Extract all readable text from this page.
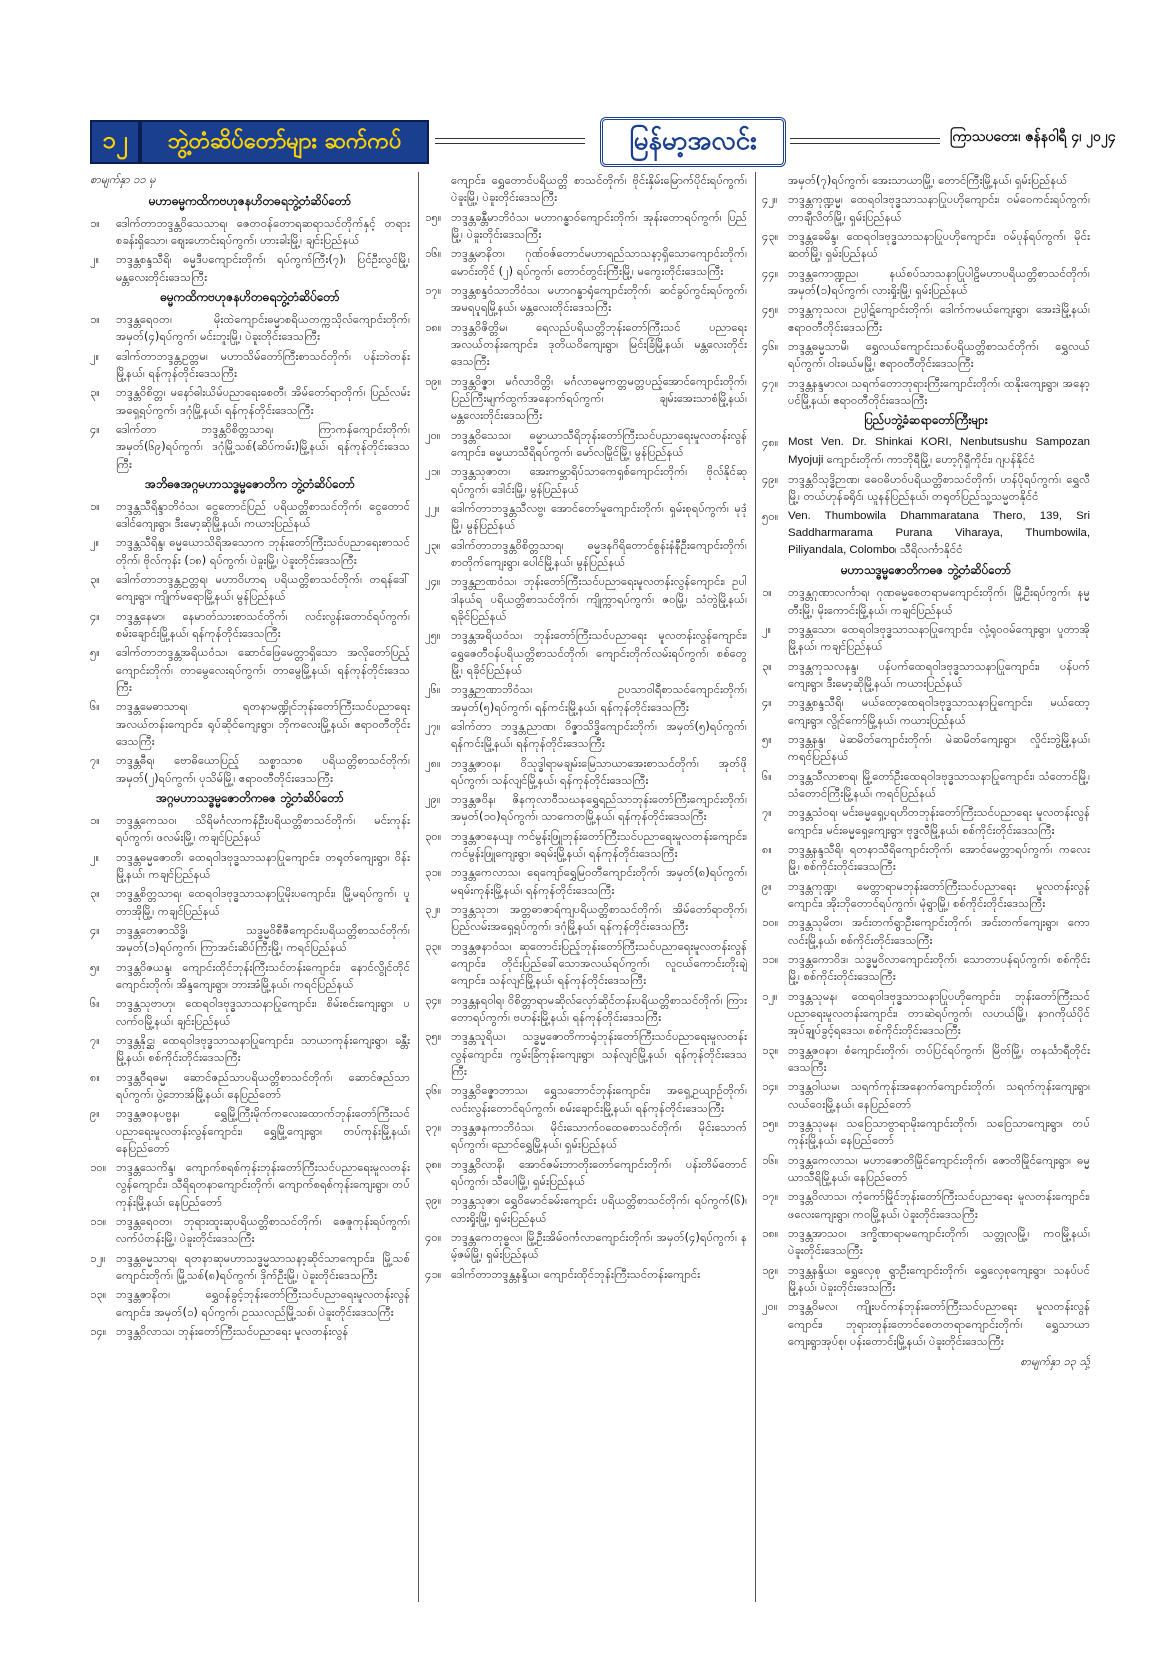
၁၂	ဘွဲ့တံဆိပ်တော်များ ဆက်ကပ်	မြန်မာ့အလင်း	ကြာသပတေး၊ ဇန်နဝါရီ ၄၊ ၂၀၂၄
စာမျက်နှာ ၁၁ မှ
မဟာဓမ္မကထိကဗဟုဇနဟိတဓရဘွဲ့တံဆိပ်တော်
၁။	ဒေါက်တာဘဒ္ဒန္တဝိသေသာရ၊ ဇေတဝန်တောရဆရာသင်တိုက်နှင့် တရားစခန်းရှိသော၊ ဈေးဟောင်းရပ်ကွက်၊ ဟားခါးမြို့၊ ချင်းပြည်နယ်
၂။	ဘဒ္ဒန္တစန္ဒသီရိ၊ ဓမ္မဒီပကျောင်းတိုက်၊ ရပ်ကွက်ကြီး(၇)၊ ပြင်ဦးလွင်မြို့၊ မန္တလေးတိုင်းဒေသကြီး
ဓမ္မကထိကဗဟုဇနဟိတဓရဘွဲ့တံဆိပ်တော်
၁။	ဘဒ္ဒန္တရေဝတ၊ မိုးထဲကျောင်းဓမ္မာစရိယတက္ကသိုလ်ကျောင်းတိုက်၊ အမှတ်(၄)ရပ်ကွက်၊ မင်းဘူးမြို့၊ ပဲခူးတိုင်းဒေသကြီး
၂။	ဒေါက်တာဘဒ္ဒန္တဥတ္တမ၊ မဟာသိမ်တော်ကြီးစာသင်တိုက်၊ ပန်းဘဲတန်းမြို့နယ်၊ ရန်ကုန်တိုင်းဒေသကြီး
၃။	ဘဒ္ဒန္တဝိစိတ္တ၊ မနော်ဓါးယိမ်ပညာရေးစေတီ၊ အိမ်တော်ရာတိုက်၊ ပြည်လမ်းအရှေ့ရပ်ကွက်၊ ဒဂုံမြို့နယ်၊ ရန်ကုန်တိုင်းဒေသကြီး
၄။	ဒေါက်တာ ဘဒ္ဒန္တဝိစိတ္တသာရ၊ ကြာကန်ကျောင်းတိုက်၊ အမှတ်(၆၉)ရပ်ကွက်၊ ဒဂုံမြို့သစ်(ဆိပ်ကမ်း)မြို့နယ်၊ ရန်ကုန်တိုင်းဒေသကြီး
အဘိဓဇအဂ္ဂမဟာသဒ္ဓမ္မဇောတိက ဘွဲ့တံဆိပ်တော်
၁။	ဘဒ္ဒန္တသီရိန္ဒာဘိဝံသ၊ ငွေတောင်ပြည် ပရိယတ္တိစာသင်တိုက်၊ ငွေတောင်ဒေါင်ကျေးရွာ၊ ဒီးမော့ဆိုမြို့နယ်၊ ကယားပြည်နယ်
၂။	ဘဒ္ဒန္တသီရိန္ဒ၊ ဓမ္မယောသိရိအသောက ဘုန်းတော်ကြီးသင်ပညာရေးစာသင်တိုက်၊ ဗိုလ်ကုန်း (၁၈) ရပ်ကွက်၊ ပဲခူးမြို့၊ ပဲခူးတိုင်းဒေသကြီး
၃။	ဒေါက်တာဘဒ္ဒန္တဥတ္တရ၊ မဟာဝိဟာရ ပရိယတ္တိစာသင်တိုက်၊ တရန်ဒေါ်ကျေးရွာ၊ ကျိုက်မရောမြို့နယ်၊ မွန်ပြည်နယ်
၄။	ဘဒ္ဒန္တနေမာ၊ နေမာတ်သားစာသင်တိုက်၊ လင်းလွန်းတောင်ရပ်ကွက်၊ စမ်းချောင်းမြို့နယ်၊ ရန်ကုန်တိုင်းဒေသကြီး
၅။	ဒေါက်တာဘဒ္ဒန္တအရိယဝံသ၊ ဆောင်ဖြေမေတ္တာရှိသော အလိုတော်ပြည့်ကျောင်းတိုက်၊ တာမွေလေးရပ်ကွက်၊ တာမွေမြို့နယ်၊ ရန်ကုန်တိုင်းဒေသကြီး
၆။	ဘဒ္ဒန္တမေဓာသာရ၊ ရတနာမဏ္ဍိုင်ဘုန်းတော်ကြီးသင်ပညာရေးအလယ်တန်းကျောင်း၊ ရုပ်ဆိုင်ကျေးရွာ၊ ဘိုကလေးမြို့နယ်၊ ဧရာဝတီတိုင်းဒေသကြီး
၇။	ဘဒ္ဒန္တဓီရ၊ ဗောဓိယောပြည့် သစ္စာသာစ ပရိယတ္တိစာသင်တိုက်၊ အမှတ်(၂)ရပ်ကွက်၊ ပုသိမ်မြို့၊ ဧရာဝတီတိုင်းဒေသကြီး
အဂ္ဂမဟာသဒ္ဓမ္မဇောတိကဓဇ ဘွဲ့တံဆိပ်တော်
၁။	ဘဒ္ဒန္တကေသဝ၊ သိရိမင်္ဂလာကန်ဦးပရိယတ္တိစာသင်တိုက်၊ မင်းကုန်းရပ်ကွက်၊ ဖလမ်းမြို့၊ ကချင်ပြည်နယ်
၂။	ဘဒ္ဒန္တဓမ္မဇောတိ၊ ထေရဝါဒဗုဒ္ဓသာသနာပြုကျောင်း၊ တရုတ်ကျေးရွာ၊ ဝိန်းမြို့နယ်၊ ကချင်ပြည်နယ်
၃။	ဘဒ္ဒန္တစိတ္တသာရ၊ ထေရဝါဒဗုဒ္ဓသာသနာပြုမိုးပကျောင်း၊ မြို့မရပ်ကွက်၊ ပူတာအိုမြို့၊ ကချင်ပြည်နယ်
၄။	ဘဒ္ဒန္တတေဇာသိဒ္ဓိ၊ သဒ္ဓမ္မဝိစီဇီကျောင်းပရိယတ္တိစာသင်တိုက်၊ အမှတ်(၁)ရပ်ကွက်၊ ကြာအင်းဆိပ်ကြီးမြို့၊ ကရင်ပြည်နယ်
၅။	ဘဒ္ဒန္တဝိဇယန္ဒ၊ ကျောင်းထိုင်ဘုန်းကြီးသင်တန်းကျောင်း၊ နောင်လွိုင်တိုင်ကျောင်းတိုက်၊ အိန္ဒကျေးရွာ၊ ဘားအံမြို့နယ်၊ ကရင်ပြည်နယ်
၆။	ဘဒ္ဒန္တသုဗာဟု၊ ထေရဝါဒဗုဒ္ဓသာသနာပြုကျောင်း၊ စိမ်းစင်းကျေးရွာ၊ ပလက်ဝမြို့နယ်၊ ချင်းပြည်နယ်
၇။	ဘဒ္ဒန္တနိုင္ဆ၊ ထေရဝါဒဗုဒ္ဓသာသနာပြုကျောင်း၊ သာယာကုန်းကျေးရွာ၊ ခန္တီးမြို့နယ်၊ စစ်ကိုင်းတိုင်းဒေသကြီး
၈။	ဘဒ္ဒန္တဝီရဓမ္မ၊ ဆောင်ဇည်သာပရိယတ္တိစာသင်တိုက်၊ ဆောင်ဇည်သာရပ်ကွက်၊ ပွဲ့ဘောအ်မြို့နယ်၊ နေပြည်တော်
၉။	ဘဒ္ဒန္တဇဝနပဗ္ဗန၊ ရွှေမြို့ကြီးမိုက်ကလေးထောက်ဘုန်းတော်ကြီးသင်ပညာရေးမူလတန်းလွန်ကျောင်း၊ ရွှေမြို့ကျေးရွာ၊ တပ်ကုန်းမြို့နယ်၊ နေပြည်တော်
၁၀။ ဘဒ္ဒန္တသေကိန္ဒ၊ ကျောက်စရစ်ကုန်းဘုန်းတော်ကြီးသင်ပညာရေးမူလတန်းလွန်ကျောင်း၊ သီရိရတနာကျောင်းတိုက်၊ ကျောက်စရစ်ကုန်းကျေးရွာ၊ တပ်ကုန်းမြို့နယ်၊ နေပြည်တော်
၁၁။ ဘဒ္ဒန္တရေဝတ၊ ဘုရားထူးဆုပရိယတ္တိစာသင်တိုက်၊ ဇေဇူကုန်းရပ်ကွက်၊ လက်ပံတန်းမြို့၊ ပဲခူးတိုင်းဒေသကြီး
၁၂။ ဘဒ္ဒန္တဓမ္မသာရ၊ ရတနာဆုမဟာသဒ္ဓမ္မသာသနာ့ဆိုင်သာကျောင်း၊ မြို့သစ်ကျောင်းတိုက်၊ မြို့သစ်(၈)ရပ်ကွက်၊ ဒိုက်ဦးမြို့၊ ပဲခူးတိုင်းဒေသကြီး
၁၃။ ဘဒ္ဒန္တဇာနိတ၊ ရွှေဝန်ခွင့်ဘုန်းတော်ကြီးသင်ပညာရေးမူလတန်းလွန်ကျောင်း၊ အမှတ်(၁) ရပ်ကွက်၊ ဥဿလည်မြို့သစ်၊ ပဲခူးတိုင်းဒေသကြီး
၁၄။ ဘဒ္ဒန္တဝိလာသ၊ ဘုန်းတော်ကြီးသင်ပညာရေး မူလတန်းလွန်
ကျောင်း၊ ရွှေတောင်ပရိယတ္တိ စာသင်တိုက်၊ ဗိုင်းနှိမ်းမြောက်ပိုင်းရပ်ကွက်၊ ပဲခူးမြို့၊ ပဲခူးတိုင်းဒေသကြီး
၁၅။ ဘဒ္ဒန္တခန္တီမာဘိဝံသ၊ မဟာဂန္ဓာဝ်ကျောင်းတိုက်၊ အုန်းတောရပ်ကွက်၊ ပြည်မြို့၊ ပဲခူးတိုင်းဒေသကြီး
၁၆။ ဘဒ္ဒန္တမာနိတ၊ ဂုဏ်ဝဇ်တောင်မဟာရည်သာသနာ့ရှိသောကျောင်းတိုက်၊ မောင်းတိုင် (၂) ရပ်ကွက်၊ တောင်တွင်းကြီးမြို့၊ မကွေးတိုင်းဒေသကြီး
၁၇။ ဘဒ္ဒန္တစန္ဒဝံသာဘိဝံသ၊ မဟာဂန္ဓာရုံကျောင်းတိုက်၊ ဆင်ခွပ်ကွင်းရပ်ကွက်၊ အမရပူရမြို့နယ်၊ မန္တလေးတိုင်းဒေသကြီး
၁၈။ ဘဒ္ဒန္တဝိဇိတ္တိမ၊ ရေလည်ပရိယတ္တိဘုန်းတော်ကြီးသင် ပညာရေးအလယ်တန်းကျောင်း၊ ဒုတိယဝိကျေးရွာ၊ မြင်းခြံမြို့နယ်၊ မန္တလေးတိုင်းဒေသကြီး
၁၉။ ဘဒ္ဒန္တဝိဇ္ဇာ၊ မင်္ဂလာဝိတ္တိ၊ မင်္ဂလာဓမ္မကတ္တမတ္တပည့်အောင်ကျောင်းတိုက်၊ ပြည်ကြီးမျက်ထွက်အနောက်ရပ်ကွက်၊ ချမ်းအေးသာစံမြို့နယ်၊ မန္တလေးတိုင်းဒေသကြီး
၂၀။ ဘဒ္ဒန္တဝိသေသ၊ ဓမ္မာယာသီရိဘုန်းတော်ကြီးသင်ပညာရေးမူလတန်းလွန်ကျောင်း၊ ဓမ္မယာသီရိရပ်ကွက်၊ မော်လမြိုင်မြို့၊ မွန်ပြည်နယ်
၂၁။ ဘဒ္ဒန္တသုဇာတ၊ အေးကမ္ဘာရိပ်သာကေရှစ်ကျောင်းတိုက်၊ ဗိုလ်နိုင်ဆုရပ်ကွက်၊ ဒေါင်းမြို့၊ မွန်ပြည်နယ်
၂၂။ ဒေါက်တာဘဒ္ဒန္တသီလဗ္ဗ၊ အောင်တော်မူကျောင်းတိုက်၊ ရှမ်းစုရပ်ကွက်၊ မုဒုံမြို့၊ မွန်ပြည်နယ်
၂၃။ ဒေါက်တာဘဒ္ဒန္တဝိစိတ္တသာရ၊ ဓမ္မဒနဂိရိတောင်စွန်းနံနီဦးကျောင်းတိုက်၊ စာတိုက်ကျေးရွာ၊ ပေါင်မြို့နယ်၊ မွန်ပြည်နယ်
၂၄။ ဘဒ္ဒန္တဉာဏဝံသ၊ ဘုန်းတော်ကြီးသင်ပညာရေးမူလတန်းလွန်ကျောင်း၊ ဥပါဒါနယ်ရ ပရိယတ္တိစာသင်တိုက်၊ ကျိုက္ကာရပ်ကွက်၊ ဇဝမြို့၊ သံတွဲမြို့နယ်၊ ရခိုင်ပြည်နယ်
၂၅။ ဘဒ္ဒန္တအရိယဝံသ၊ ဘုန်းတော်ကြီးသင်ပညာရေး မူလတန်းလွန်ကျောင်း၊ ရွှေဇေတီဝန်ပရိယတ္တိစာသင်တိုက်၊ ကျောင်းတိုက်လမ်းရပ်ကွက်၊ စစ်တွေမြို့၊ ရခိုင်ပြည်နယ်
၂၆။ ဘဒ္ဒန္တဉာဏာဘိဝံသ၊ ဥပသာဝါရီစာသင်ကျောင်းတိုက်၊ အမှတ်(၅)ရပ်ကွက်၊ ရန်ကင်းမြို့နယ်၊ ရန်ကုန်တိုင်းဒေသကြီး
၂၇။ ဒေါက်တာ ဘဒ္ဒန္တညာဏ၊ ဝိဇ္ဇာသိဒ္ဓိကျောင်းတိုက်၊ အမှတ်(၅)ရပ်ကွက်၊ ရန်ကင်းမြို့နယ်၊ ရန်ကုန်တိုင်းဒေသကြီး
၂၈။ ဘဒ္ဒန္တဇာဝန၊ ဝိသုဒ္ဓါရာမချမ်းမြေသာယာအေးစာသင်တိုက်၊ အုတ်ဖိုရပ်ကွက်၊ သန်လျင်မြို့နယ်၊ ရန်ကုန်တိုင်းဒေသကြီး
၂၉။ ဘဒ္ဒန္တဇဝိန၊ ဇိနကုလာဝီသဃနရွှေရည်သာဘုန်းတော်ကြီးကျောင်းတိုက်၊ အမှတ်(၁၀)ရပ်ကွက်၊ သာကေတမြို့နယ်၊ ရန်ကုန်တိုင်းဒေသကြီး
၃၀။ ဘဒ္ဒန္တဇာနေယျ၊ ကင်မွန်းဖြူဘုန်းတော်ကြီးသင်ပညာရေးမူလတန်းကျောင်း၊ ကင်မွန်းဖြူကျေးရွာ၊ ခရမ်းမြို့နယ်၊ ရန်ကုန်တိုင်းဒေသကြီး
၃၁။ ဘဒ္ဒန္တကေလာသ၊ ရေကျော်ရွှေမြဝတီကျောင်းတိုက်၊ အမှတ်(၈)ရပ်ကွက်၊ မရမ်းကုန်းမြို့နယ်၊ ရန်ကုန်တိုင်းဒေသကြီး
၃၂။ ဘဒ္ဒန္တသုဘ၊ အတ္တဓာဇာရ်ကျပရိယတ္တိစာသင်တိုက်၊ အိမ်တော်ရာတိုက်၊ ပြည်လမ်းအရှေ့ရပ်ကွက်၊ ဒဂုံမြို့နယ်၊ ရန်ကုန်တိုင်းဒေသကြီး
၃၃။ ဘဒ္ဒန္တဇနာဝံသ၊ ဆုတောင်းပြည့်ဘုန်းတော်ကြီးသင်ပညာရေးမူလတန်းလွန်ကျောင်း၊ တိုင်းပြည်ခေါ်သောအလယ်ရပ်ကွက်၊ လူငယ်ကောင်းတိုးချဲ့ကျောင်း၊ သန်လျင်မြို့နယ်၊ ရန်ကုန်တိုင်းဒေသကြီး
၃၄။ ဘဒ္ဒန္တနရဝါရ၊ ဝိစိတ္တာရာမဆိုလ်လှော်ဆိုင်တန်းပရိယတ္တိစာသင်တိုက်၊ ကြားတောရပ်ကွက်၊ ဗဟန်းမြို့နယ်၊ ရန်ကုန်တိုင်းဒေသကြီး
၃၅။ ဘဒ္ဒန္တသူရိယ၊ သဒ္ဓမ္မဇောတိကာရုံဘုန်းတော်ကြီးသင်ပညာရေးမူလတန်းလွန်ကျောင်း၊ ကွမ်းခြံကုန်းကျေးရွာ၊ သန်လျင်မြို့နယ်၊ ရန်ကုန်တိုင်းဒေသကြီး
၃၆။ ဘဒ္ဒန္တဝိဇ္ဇောဘာသ၊ ရွှေသဘောင်ဘုန်းကျောင်း၊ အရှေ့ဥယျာဉ်တိုက်၊ လင်းလွန်းတောင်ရပ်ကွက်၊ စမ်းချောင်းမြို့နယ်၊ ရန်ကုန်တိုင်းဒေသကြီး
၃၇။ ဘဒ္ဒန္တဇနကာဘိဝံသ၊ မိုင်းသောက်ဝထေဓစာသင်တိုက်၊ မိုင်းသောက်ရပ်ကွက်၊ ညောင်ရွှေမြို့နယ်၊ ရှမ်းပြည်နယ်
၃၈။ ဘဒ္ဒန္တဝိလာနိ၊ အောင်ဇမ်းဘာတိုးတော်ကျောင်းတိုက်၊ ပန်းတိမ်တောင်ရပ်ကွက်၊ သီပေါမြို့၊ ရှမ်းပြည်နယ်
၃၉။ ဘဒ္ဒန္တသုဇာ၊ ရွှေဝိမောင်ခမ်းကျောင်း ပရိယတ္တိစာသင်တိုက်၊ ရပ်ကွက်(၆)၊ လားရှိုးမြို့၊ ရှမ်းပြည်နယ်
၄၀။ ဘဒ္ဒန္တကေတုဓ္ဓလ၊ မြို့ဦးအိမ်ဝင်္ကလာကျောင်းတိုက်၊ အမှတ်(၄)ရပ်ကွက်၊ နမ့်ဇမ်မြို့၊ ရှမ်းပြည်နယ်
၄၁။ ဒေါက်တာဘဒ္ဒန္တနန္ဒိယ၊ ကျောင်းထိုင်ဘုန်းကြီးသင်တန်းကျောင်း
အမှတ်(၇)ရပ်ကွက်၊ အေးသာယာမြို့၊ တောင်ကြီးမြို့နယ်၊ ရှမ်းပြည်နယ်
၄၂။ ဘဒ္ဒန္တကုဏ္ဍမ္မ၊ ထေရဝါဒဗုဒ္ဓသာသနာပြုပဟိုကျောင်း၊ ဝမ်ဝေကင်းရပ်ကွက်၊ တာချီလိတ်မြို့၊ ရှမ်းပြည်နယ်
၄၃။ ဘဒ္ဒန္တခေမိန္ဒ၊ ထေရဝါဒဗုဒ္ဓသာသနာပြုပဟိုကျောင်း၊ ဝမ်ပုန်ရပ်ကွက်၊ မိုင်းဆတ်မြို့၊ ရှမ်းပြည်နယ်
၄၄။ ဘဒ္ဒန္တကောဏ္ဍည၊ နယ်စပ်သာသနာပြုပါဠိမဟာပရိယတ္တိစာသင်တိုက်၊ အမှတ်(၁)ရပ်ကွက်၊ လားရှိုးမြို့၊ ရှမ်းပြည်နယ်
၄၅။ ဘဒ္ဒန္တကုသလ၊ ဥပ္ပါဋ်ကျောင်းတိုက်၊ ဒေါက်ကမယ်ကျေးရွာ၊ အေးဒဲမြို့နယ်၊ ဧရာဝတီတိုင်းဒေသကြီး
၄၆။ ဘဒ္ဒန္တဓမ္မသာမိ၊ ရွှေလယ်ကျောင်းသစ်ပရိယတ္တိစာသင်တိုက်၊ ရွှေလယ်ရပ်ကွက်၊ ဝါးခယ်မမြို့၊ ဧရာဝတီတိုင်းဒေသကြီး
၄၇။ ဘဒ္ဒန္တနန္ဒမာလ၊ သရက်တောဘုရားကြီးကျောင်းတိုက်၊ ထနိုးကျေးရွာ၊ အနော့ပင်မြို့နယ်၊ ဧရာဝတီတိုင်းဒေသကြီး
ပြည်ပဘွဲ့ခံဆရာတော်ကြီးများ
၄၈။ Most Ven. Dr. Shinkai KORI, Nenbutsushu Sampozan Myojuji ကျောင်းတိုက်၊ ကာဘိုရီမြို့၊ ဟော့ဂိုရှီကိုင်း၊ ဂျပန်နိုင်ငံ
၄၉။ ဘဒ္ဒန္တဝိသုဒ္ဓိဉာဏ၊ ဓေဝဓိဟဝ်ပရိယတ္တိစာသင်တိုက်၊ ဟန်ပိုရပ်ကွက်၊ ရွှေလီမြို့၊ တယ်ဟုန်ခရိုင်၊ ယူနန်ပြည်နယ်၊ တရုတ်ပြည်သူ့သမ္မတနိုင်ငံ
၅၀။ Ven. Thumbowila Dhammaratana Thero, 139, Sri Saddharmarama Purana Viharaya, Thumbowila, Piliyandala, Colombo၊ သီရိလင်္ကာနိုင်ငံ
မဟာသဒ္ဓမ္မဇောတိကဓဇ ဘွဲ့တံဆိပ်တော်
၁။	ဘဒ္ဒန္တဂုဏာလင်္ကာရ၊ ဂုဏဓမ္မစေတရာမကျောင်းတိုက်၊ မြို့ဦးရပ်ကွက်၊ နမ္မတီးမြို့၊ မိုးကောင်းမြို့နယ်၊ ကချင်ပြည်နယ်
၂။	ဘဒ္ဒန္တသော၊ ထေရဝါဒဗုဒ္ဓသာသနာပြုကျောင်း၊ လုံ့ရုဝဝမ်ကျေးရွာ၊ ပူတာအိုမြို့နယ်၊ ကချင်ပြည်နယ်
၃။	ဘဒ္ဒန္တကုသလနန္ဒ၊ ပန်ပက်ထေရဝါဒဗုဒ္ဓသာသနာပြုကျောင်း၊ ပန်ပက်ကျေးရွာ၊ ဒီးမော့ဆိုမြို့နယ်၊ ကယားပြည်နယ်
၄။	ဘဒ္ဒန္တစန္ဒသီရိ၊ မယ်ထော့ထေရဝါဒဗုဒ္ဓသာသနာပြုကျောင်း၊ မယ်ထော့ကျေးရွာ၊ လွိုင်ကော်မြို့နယ်၊ ကယားပြည်နယ်
၅။	ဘဒ္ဒန္တနန္ဒ၊ မဲဆမိတ်ကျောင်းတိုက်၊ မဲဆမိတ်ကျေးရွာ၊ လှိုင်းဘွဲ့မြို့နယ်၊ ကရင်ပြည်နယ်
၆။	ဘဒ္ဒန္တသီလာစာရ၊ မြို့တော်ဦးထေရဝါဒဗုဒ္ဓသာသနာပြုကျောင်း၊ သံတောင်မြို့၊ သံတောင်ကြီးမြို့နယ်၊ ကရင်ပြည်နယ်
၇။	ဘဒ္ဒန္တသံဝရ၊ မင်းဓမ္မရှေ့ပရဟိတဘုန်းတော်ကြီးသင်ပညာရေး မူလတန်းလွန်ကျောင်း၊ မင်းဓမ္မရှေ့ကျေးရွာ၊ ဗုဒ္ဓလီမြို့နယ်၊ စစ်ကိုင်းတိုင်းဒေသကြီး
၈။	ဘဒ္ဒန္တနန္ဒသီရိ၊ ရတနာသီရိကျောင်းတိုက်၊ အောင်မေတ္တာရပ်ကွက်၊ ကလေးမြို့၊ စစ်ကိုင်းတိုင်းဒေသကြီး
၉။	ဘဒ္ဒန္တကုဏ္ဍ၊ မေတ္တာရာမဘုန်းတော်ကြီးသင်ပညာရေး မူလတန်းလွန်ကျောင်း၊ အိုးဘိုတောင်ရပ်ကွက်၊ မုံရွာမြို့၊ စစ်ကိုင်းတိုင်းဒေသကြီး
၁၀။ ဘဒ္ဒန္တသုမိတ၊ အင်းတက်ရွာဦးကျောင်းတိုက်၊ အင်းတက်ကျေးရွာ၊ ကောလင်းမြို့နယ်၊ စစ်ကိုင်းတိုင်းဒေသကြီး
၁၁။ ဘဒ္ဒန္တကောဝိဒ၊ သဒ္ဓမ္မဝိလာကျောင်းတိုက်၊ သောတာပန်ရပ်ကွက်၊ စစ်ကိုင်းမြို့၊ စစ်ကိုင်းတိုင်းဒေသကြီး
၁၂။ ဘဒ္ဒန္တသုမန၊ ထေရဝါဒဗုဒ္ဓသာသနာပြုပဟိုကျောင်း၊ ဘုန်းတော်ကြီးသင်ပညာရေးမူလတန်းကျောင်း၊ တာဆဲရပ်ကွက်၊ လဟယ်မြို့၊ နာဂကိုယ်ပိုင်အုပ်ချုပ်ခွင့်ရဒေသ၊ စစ်ကိုင်းတိုင်းဒေသကြီး
၁၃။ ဘဒ္ဒန္တဇဝနာ၊ စံကျောင်းတိုက်၊ တပ်ပြင်ရပ်ကွက်၊ မြိတ်မြို့၊ တနင်္သာရီတိုင်းဒေသကြီး
၁၄။ ဘဒ္ဒန္တဝါယမ၊ သရက်ကုန်းအနောက်ကျောင်းတိုက်၊ သရက်ကုန်းကျေးရွာ၊ လယ်ဝေးမြို့နယ်၊ နေပြည်တော်
၁၅။ ဘဒ္ဒန္တသုမန၊ သဝြေသာဗွာရာမိုးကျောင်းတိုက်၊ သဝြေသာကျေးရွာ၊ တပ်ကုန်းမြို့နယ်၊ နေပြည်တော်
၁၆။ ဘဒ္ဒန္တကေလာသ၊ မဟာဇောတိမြိုင်ကျောင်းတိုက်၊ ဇောတိမြိုင်ကျေးရွာ၊ ဓမ္မယာသီရိမြို့နယ်၊ နေပြည်တော်
၁၇။ ဘဒ္ဒန္တဝိလာသ၊ ကံ့ကော်မြိုင်ဘုန်းတော်ကြီးသင်ပညာရေး မူလတန်းကျောင်း၊ ဖလေးကျေးရွာ၊ ကဝမြို့နယ်၊ ပဲခူးတိုင်းဒေသကြီး
၁၈။ ဘဒ္ဒန္တအာသဝ၊ ဒက္ခိဏာရာမကျောင်းတိုက်၊ သတ္တုလမြို့၊ ကဝမြို့နယ်၊ ပဲခူးတိုင်းဒေသကြီး
၁၉။ ဘဒ္ဒန္တနန္ဒိယ၊ ရွှေလှေစု ရွာဦးကျောင်းတိုက်၊ ရွှေလှေစုကျေးရွာ၊ သနပ်ပင်မြို့နယ်၊ ပဲခူးတိုင်းဒေသကြီး
၂၀။ ဘဒ္ဒန္တဝိမလ၊ ကျိုးပင်ကန်ဘုန်းတော်ကြီးသင်ပညာရေး မူလတန်းလွန်ကျောင်း၊ ဘုရားတုန်းတောင်စေတတရာကျောင်းတိုက်၊ ရွှေသာယာကျေးရွာအုပ်စု၊ ပန်းတောင်းမြို့နယ်၊ ပဲခူးတိုင်းဒေသကြီး
စာမျက်နှာ ၁၃ သို့
